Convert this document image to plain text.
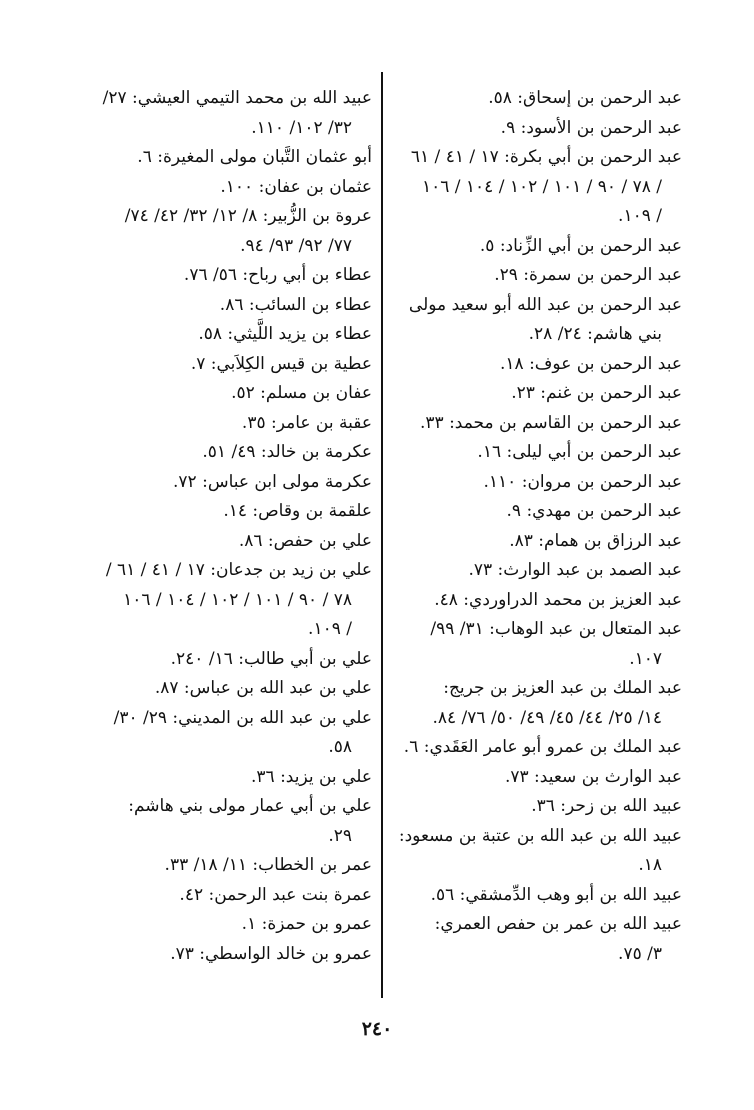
عبد الرحمن بن إسحاق: ٥٨.
عبد الرحمن بن الأسود: ٩.
عبد الرحمن بن أبي بكرة: ١٧ / ٤١ / ٦١
/ ٧٨ / ٩٠ / ١٠١ / ١٠٢ / ١٠٤ / ١٠٦
/ ١٠٩.
عبد الرحمن بن أبي الزِّناد: ٥.
عبد الرحمن بن سمرة: ٢٩.
عبد الرحمن بن عبد الله أبو سعيد مولى
بني هاشم: ٢٤/ ٢٨.
عبد الرحمن بن عوف: ١٨.
عبد الرحمن بن غنم: ٢٣.
عبد الرحمن بن القاسم بن محمد: ٣٣.
عبد الرحمن بن أبي ليلى: ١٦.
عبد الرحمن بن مروان: ١١٠.
عبد الرحمن بن مهدي: ٩.
عبد الرزاق بن همام: ٨٣.
عبد الصمد بن عبد الوارث: ٧٣.
عبد العزيز بن محمد الدراوردي: ٤٨.
عبد المتعال بن عبد الوهاب: ٣١/ ٩٩/
١٠٧.
عبد الملك بن عبد العزيز بن جريج:
١٤/ ٢٥/ ٤٤/ ٤٥/ ٤٩/ ٥٠/ ٧٦/ ٨٤.
عبد الملك بن عمرو أبو عامر العَقَدي: ٦.
عبد الوارث بن سعيد: ٧٣.
عبيد الله بن زحر: ٣٦.
عبيد الله بن عبد الله بن عتبة بن مسعود:
١٨.
عبيد الله بن أبو وهب الدِّمشقي: ٥٦.
عبيد الله بن عمر بن حفص العمري:
٣/ ٧٥.
عبيد الله بن محمد التيمي العيشي: ٢٧/
٣٢/ ١٠٢/ ١١٠.
أبو عثمان التَّبان مولى المغيرة: ٦.
عثمان بن عفان: ١٠٠.
عروة بن الزُّبير: ٨/ ١٢/ ٣٢/ ٤٢/ ٧٤/
٧٧/ ٩٢/ ٩٣/ ٩٤.
عطاء بن أبي رباح: ٥٦/ ٧٦.
عطاء بن السائب: ٨٦.
عطاء بن يزيد اللَّيثي: ٥٨.
عطية بن قيس الكِلاَبي: ٧.
عفان بن مسلم: ٥٢.
عقبة بن عامر: ٣٥.
عكرمة بن خالد: ٤٩/ ٥١.
عكرمة مولى ابن عباس: ٧٢.
علقمة بن وقاص: ١٤.
علي بن حفص: ٨٦.
علي بن زيد بن جدعان: ١٧ / ٤١ / ٦١ /
٧٨ / ٩٠ / ١٠١ / ١٠٢ / ١٠٤ / ١٠٦
/ ١٠٩.
علي بن أبي طالب: ١٦/ ٢٤٠.
علي بن عبد الله بن عباس: ٨٧.
علي بن عبد الله بن المديني: ٢٩/ ٣٠/
٥٨.
علي بن يزيد: ٣٦.
علي بن أبي عمار مولى بني هاشم:
٢٩.
عمر بن الخطاب: ١١/ ١٨/ ٣٣.
عمرة بنت عبد الرحمن: ٤٢.
عمرو بن حمزة: ١.
عمرو بن خالد الواسطي: ٧٣.
٢٤٠
